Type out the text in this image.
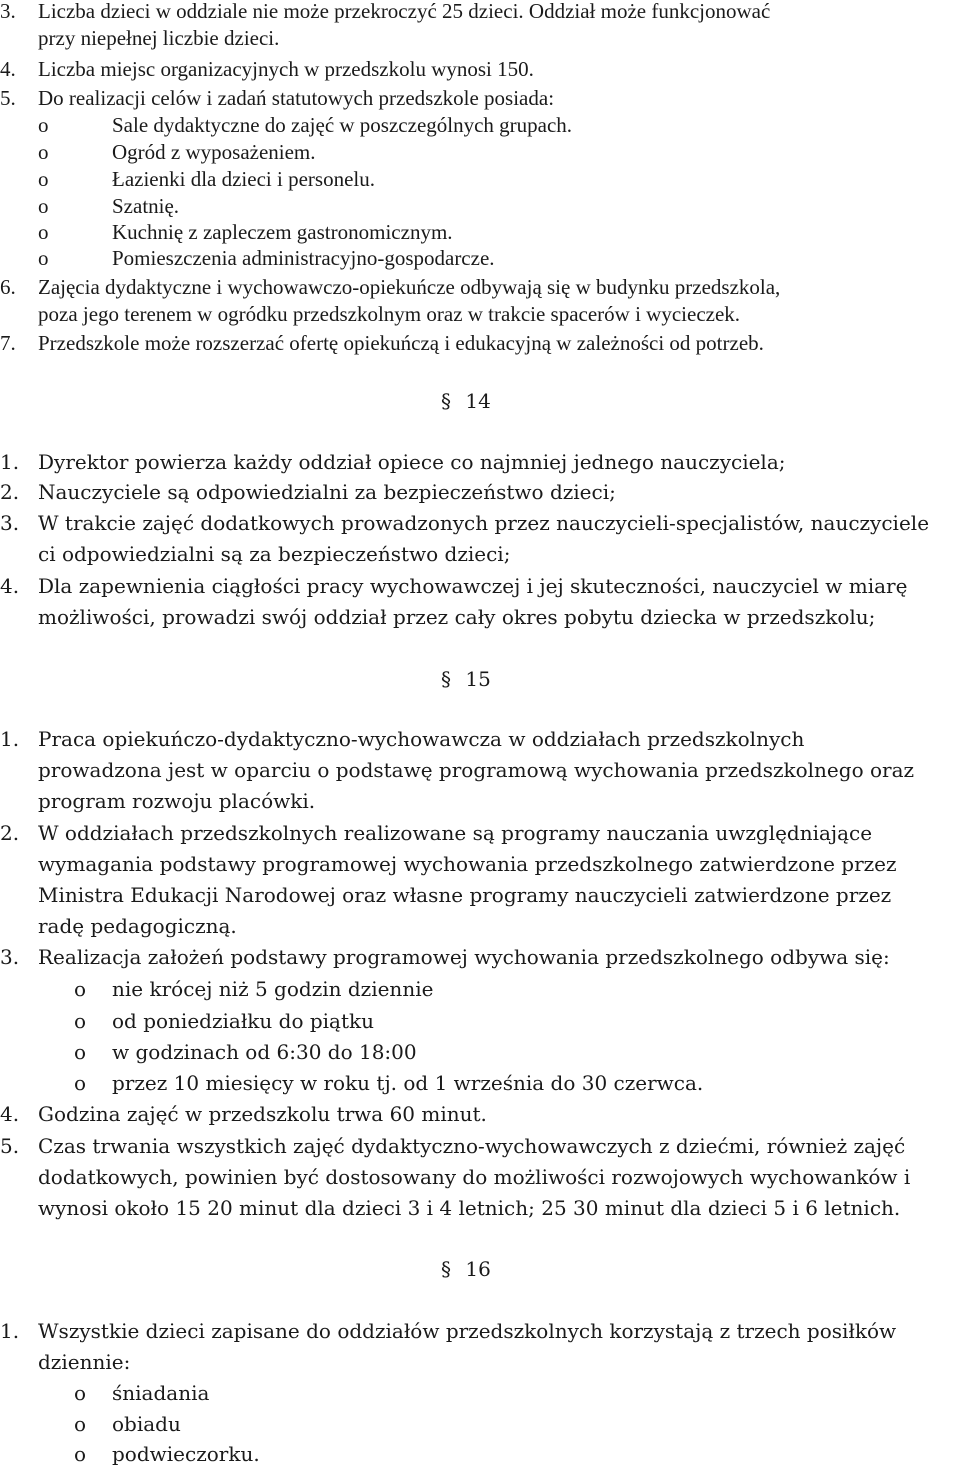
3. Liczba dzieci w oddziale nie może przekroczyć 25 dzieci. Oddział może funkcjonować
przy niepełnej liczbie dzieci.
4. Liczba miejsc organizacyjnych w przedszkolu wynosi 150.
5. Do realizacji celów i zadań statutowych przedszkole posiada:
o	Sale dydaktyczne do zajęć w poszczególnych grupach.
o	Ogród z wyposażeniem.
o	Łazienki dla dzieci i personelu.
o	Szatnię.
o	Kuchnię z zapleczem gastronomicznym.
o	Pomieszczenia administracyjno-gospodarcze.
6. Zajęcia dydaktyczne i wychowawczo-opiekuńcze odbywają się w budynku przedszkola,
poza jego terenem w ogródku przedszkolnym oraz w trakcie spacerów i wycieczek.
7. Przedszkole może rozszerzać ofertę opiekuńczą i edukacyjną w zależności od potrzeb.
§ 14
1. Dyrektor powierza każdy oddział opiece co najmniej jednego nauczyciela;
2. Nauczyciele są odpowiedzialni za bezpieczeństwo dzieci;
3. W trakcie zajęć dodatkowych prowadzonych przez nauczycieli-specjalistów, nauczyciele
ci odpowiedzialni są za bezpieczeństwo dzieci;
4. Dla zapewnienia ciągłości pracy wychowawczej i jej skuteczności, nauczyciel w miarę
możliwości, prowadzi swój oddział przez cały okres pobytu dziecka w przedszkolu;
§ 15
1. Praca opiekuńczo-dydaktyczno-wychowawcza w oddziałach przedszkolnych
prowadzona jest w oparciu o podstawę programową wychowania przedszkolnego oraz
program rozwoju placówki.
2. W oddziałach przedszkolnych realizowane są programy nauczania uwzględniające
wymagania podstawy programowej wychowania przedszkolnego zatwierdzone przez
Ministra Edukacji Narodowej oraz własne programy nauczycieli zatwierdzone przez
radę pedagogiczną.
3. Realizacja założeń podstawy programowej wychowania przedszkolnego odbywa się:
o nie krócej niż 5 godzin dziennie
o od poniedziałku do piątku
o w godzinach od 6:30 do 18:00
o przez 10 miesięcy w roku tj. od 1 września do 30 czerwca.
4. Godzina zajęć w przedszkolu trwa 60 minut.
5. Czas trwania wszystkich zajęć dydaktyczno-wychowawczych z dziećmi, również zajęć
dodatkowych, powinien być dostosowany do możliwości rozwojowych wychowanków i
wynosi około 15 20 minut dla dzieci 3 i 4 letnich; 25 30 minut dla dzieci 5 i 6 letnich.
§ 16
1. Wszystkie dzieci zapisane do oddziałów przedszkolnych korzystają z trzech posiłków
dziennie:
o śniadania
o obiadu
o podwieczorku.
